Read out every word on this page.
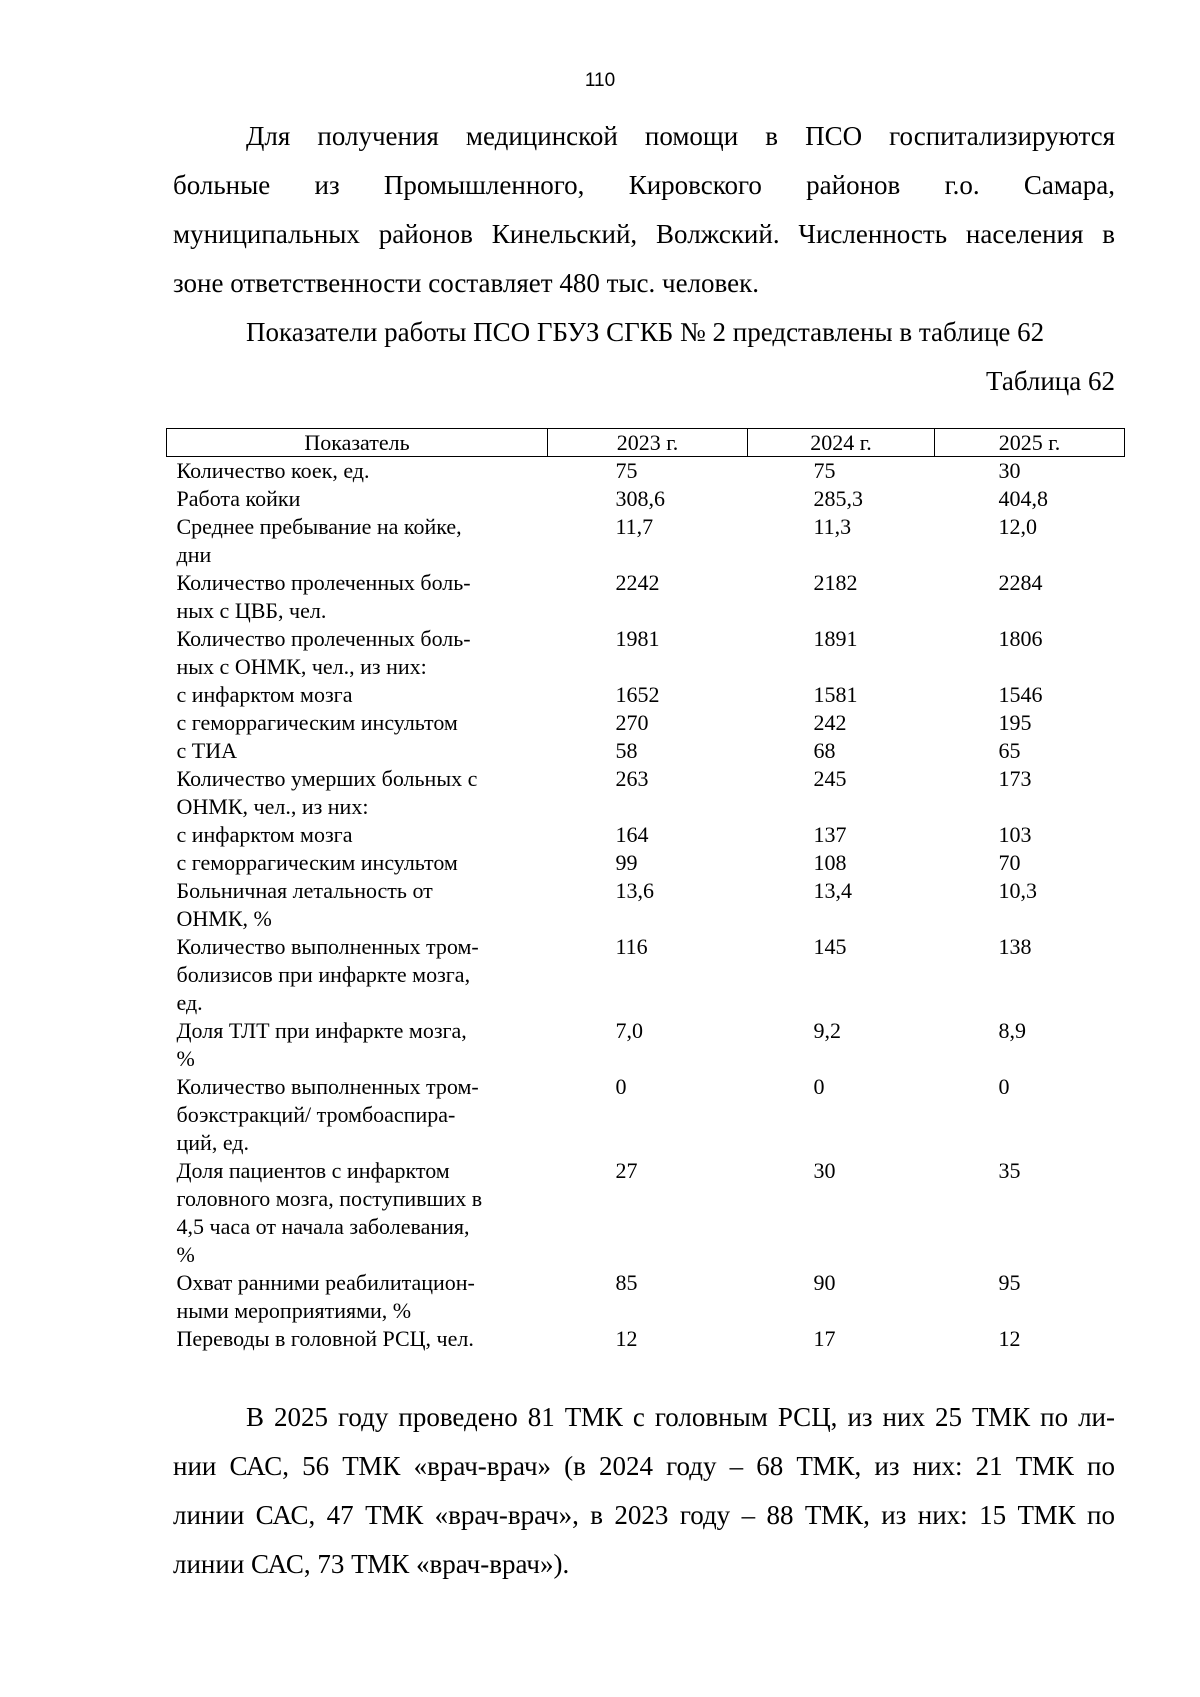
110

Для получения медицинской помощи в ПСО госпитализируются
больные из Промышленного, Кировского районов г.о. Самара,
муниципальных районов Кинельский, Волжский. Численность населения в
зоне ответственности составляет 480 тыс. человек.

Показатели работы ПСО ГБУЗ СГКБ № 2 представлены в таблице 62
Таблица 62
Показатель	2023 г.	2024 г.	2025 г.

Количество коек, ед.	75	75	30

Работа койки	308,6	285,3	404,8

Среднее пребывание на койке,
дни	11,7	11,3	12,0

Количество пролеченных боль-
ных с ЦВБ, чел.	2242	2182	2284

Количество пролеченных боль-
ных с ОНМК, чел., из них:	1981	1891	1806

с инфарктом мозга	1652	1581	1546

с геморрагическим инсультом	270	242	195

с ТИА	58	68	65

Количество умерших больных с
ОНМК, чел., из них:	263	245	173

с инфарктом мозга	164	137	103

с геморрагическим инсультом	99	108	70

Больничная летальность от
ОНМК, %	13,6	13,4	10,3

Количество выполненных тром-
болизисов при инфаркте мозга,
ед.	116	145	138

Доля ТЛТ при инфаркте мозга,
%	7,0	9,2	8,9

Количество выполненных тром-
боэкстракций/ тромбоаспира-
ций, ед.	0	0	0

Доля пациентов с инфарктом
головного мозга, поступивших в
4,5 часа от начала заболевания,
%	27	30	35

Охват ранними реабилитацион-
ными мероприятиями, %	85	90	95

Переводы в головной РСЦ, чел.	12	17	12

В 2025 году проведено 81 ТМК с головным РСЦ, из них 25 ТМК по ли-
нии САС, 56 ТМК «врач-врач» (в 2024 году – 68 ТМК, из них: 21 ТМК по
линии САС, 47 ТМК «врач-врач», в 2023 году – 88 ТМК, из них: 15 ТМК по
линии САС, 73 ТМК «врач-врач»).
